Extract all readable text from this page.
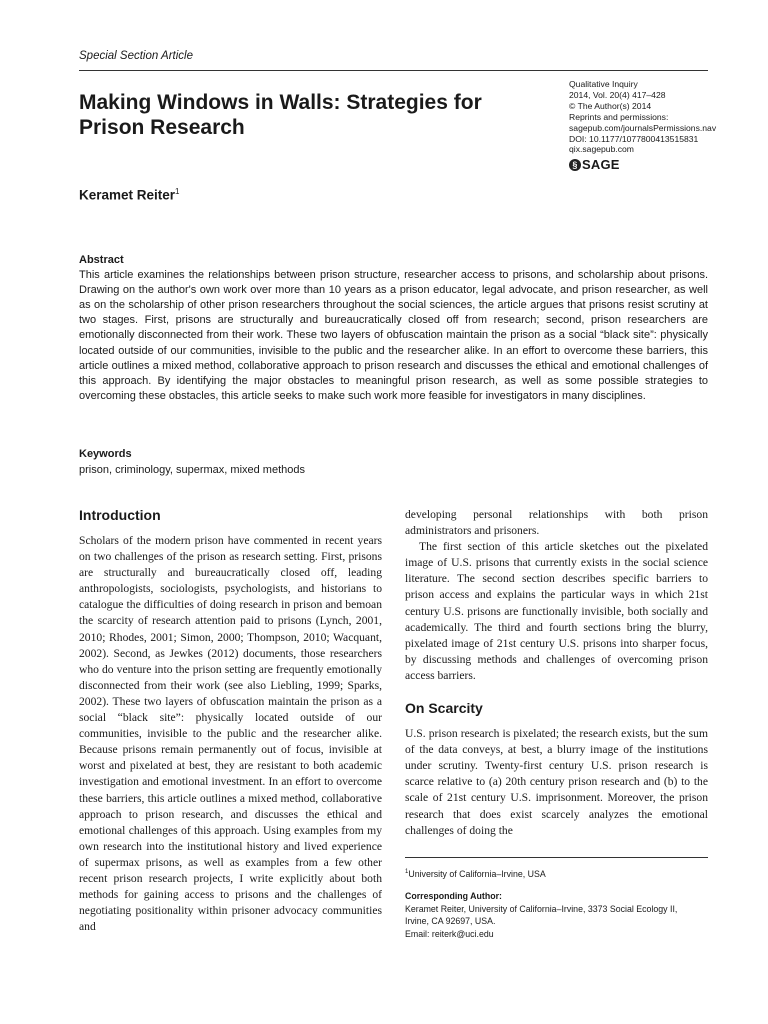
Special Section Article
Qualitative Inquiry
2014, Vol. 20(4) 417–428
© The Author(s) 2014
Reprints and permissions:
sagepub.com/journalsPermissions.nav
DOI: 10.1177/1077800413515831
qix.sagepub.com
§ SAGE
Making Windows in Walls: Strategies for Prison Research
Keramet Reiter$^1$
Abstract
This article examines the relationships between prison structure, researcher access to prisons, and scholarship about prisons. Drawing on the author's own work over more than 10 years as a prison educator, legal advocate, and prison researcher, as well as on the scholarship of other prison researchers throughout the social sciences, the article argues that prisons resist scrutiny at two stages. First, prisons are structurally and bureaucratically closed off from research; second, prison researchers are emotionally disconnected from their work. These two layers of obfuscation maintain the prison as a social “black site”: physically located outside of our communities, invisible to the public and the researcher alike. In an effort to overcome these barriers, this article outlines a mixed method, collaborative approach to prison research and discusses the ethical and emotional challenges of this approach. By identifying the major obstacles to meaningful prison research, as well as some possible strategies to overcoming these obstacles, this article seeks to make such work more feasible for investigators in many disciplines.
Keywords
prison, criminology, supermax, mixed methods
Introduction

Scholars of the modern prison have commented in recent years on two challenges of the prison as research setting. First, prisons are structurally and bureaucratically closed off, leading anthropologists, sociologists, psychologists, and historians to catalogue the difficulties of doing research in prison and bemoan the scarcity of research attention paid to prisons (Lynch, 2001, 2010; Rhodes, 2001; Simon, 2000; Thompson, 2010; Wacquant, 2002). Second, as Jewkes (2012) documents, those researchers who do venture into the prison setting are frequently emotionally disconnected from their work (see also Liebling, 1999; Sparks, 2002). These two layers of obfuscation maintain the prison as a social “black site”: physically located outside of our communities, invisible to the public and the researcher alike. Because prisons remain permanently out of focus, invisible at worst and pixelated at best, they are resistant to both academic investigation and emotional investment. In an effort to overcome these barriers, this article outlines a mixed method, collaborative approach to prison research, and discusses the ethical and emotional challenges of this approach. Using examples from my own research into the institutional history and lived experience of supermax prisons, as well as examples from a few other recent prison research projects, I write explicitly about both methods for gaining access to prisons and the challenges of negotiating positionality within prisoner advocacy communities and

developing personal relationships with both prison administrators and prisoners.

The first section of this article sketches out the pixelated image of U.S. prisons that currently exists in the social science literature. The second section describes specific barriers to prison access and explains the particular ways in which 21st century U.S. prisons are functionally invisible, both socially and academically. The third and fourth sections bring the blurry, pixelated image of 21st century U.S. prisons into sharper focus, by discussing methods and challenges of overcoming prison access barriers.

On Scarcity

U.S. prison research is pixelated; the research exists, but the sum of the data conveys, at best, a blurry image of the institutions under scrutiny. Twenty-first century U.S. prison research is scarce relative to (a) 20th century prison research and (b) to the scale of 21st century U.S. imprisonment. Moreover, the prison research that does exist scarcely analyzes the emotional challenges of doing the

$^1$University of California–Irvine, USA
Corresponding Author:
Keramet Reiter, University of California–Irvine, 3373 Social Ecology II,
Irvine, CA 92697, USA.
Email: reiterk@uci.edu
